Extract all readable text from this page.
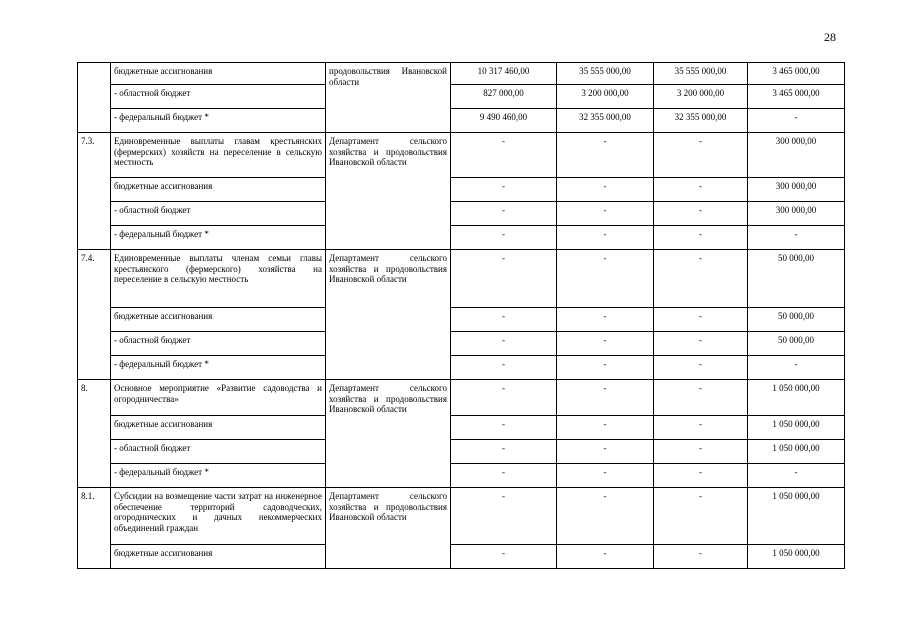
28
	бюджетные ассигнования	продовольствия Ивановской области	10 317 460,00	35 555 000,00	35 555 000,00	3 465 000,00
	- областной бюджет		827 000,00	3 200 000,00	3 200 000,00	3 465 000,00
	- федеральный бюджет *		9 490 460,00	32 355 000,00	32 355 000,00	-
7.3.	Единовременные выплаты главам крестьянских (фермерских) хозяйств на переселение в сельскую местность	Департамент сельского хозяйства и продовольствия Ивановской области	-	-	-	300 000,00
	бюджетные ассигнования		-	-	-	300 000,00
	- областной бюджет		-	-	-	300 000,00
	- федеральный бюджет *		-	-	-	-
7.4.	Единовременные выплаты членам семьи главы крестьянского (фермерского) хозяйства на переселение в сельскую местность	Департамент сельского хозяйства и продовольствия Ивановской области	-	-	-	50 000,00
	бюджетные ассигнования		-	-	-	50 000,00
	- областной бюджет		-	-	-	50 000,00
	- федеральный бюджет *		-	-	-	-
8.	Основное мероприятие «Развитие садоводства и огородничества»	Департамент сельского хозяйства и продовольствия Ивановской области	-	-	-	1 050 000,00
	бюджетные ассигнования		-	-	-	1 050 000,00
	- областной бюджет		-	-	-	1 050 000,00
	- федеральный бюджет *		-	-	-	-
8.1.	Субсидии на возмещение части затрат на инженерное обеспечение территорий садоводческих, огороднических и дачных некоммерческих объединений граждан	Департамент сельского хозяйства и продовольствия Ивановской области	-	-	-	1 050 000,00
	бюджетные ассигнования		-	-	-	1 050 000,00
